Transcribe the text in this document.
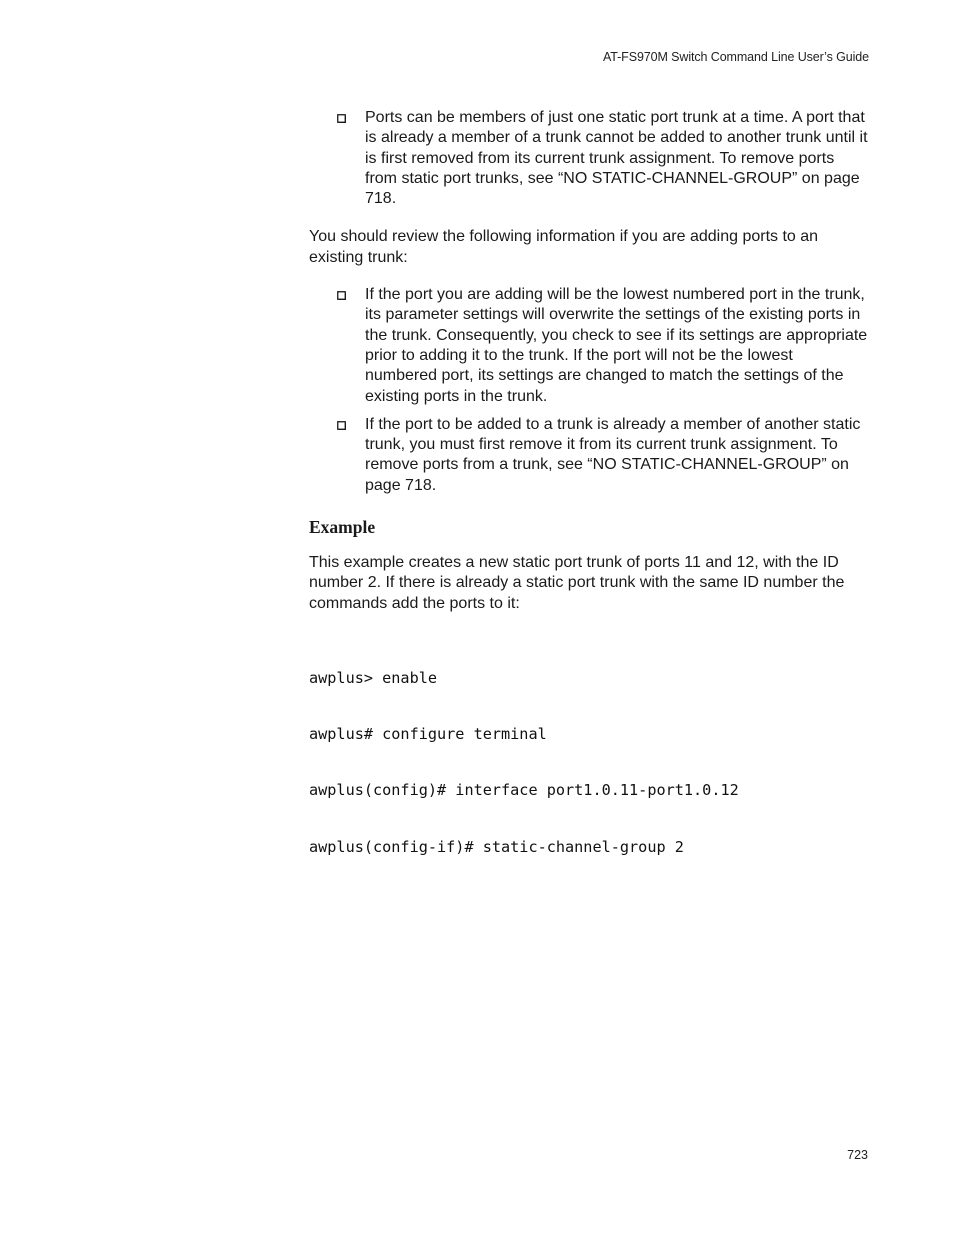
AT-FS970M Switch Command Line User’s Guide
Ports can be members of just one static port trunk at a time. A port that is already a member of a trunk cannot be added to another trunk until it is first removed from its current trunk assignment. To remove ports from static port trunks, see “NO STATIC-CHANNEL-GROUP” on page 718.

You should review the following information if you are adding ports to an existing trunk:

If the port you are adding will be the lowest numbered port in the trunk, its parameter settings will overwrite the settings of the existing ports in the trunk. Consequently, you check to see if its settings are appropriate prior to adding it to the trunk. If the port will not be the lowest numbered port, its settings are changed to match the settings of the existing ports in the trunk.
If the port to be added to a trunk is already a member of another static trunk, you must first remove it from its current trunk assignment. To remove ports from a trunk, see “NO STATIC-CHANNEL-GROUP” on page 718.
Example

This example creates a new static port trunk of ports 11 and 12, with the ID number 2. If there is already a static port trunk with the same ID number the commands add the ports to it:

awplus> enable

awplus# configure terminal

awplus(config)# interface port1.0.11-port1.0.12

awplus(config-if)# static-channel-group 2

723
